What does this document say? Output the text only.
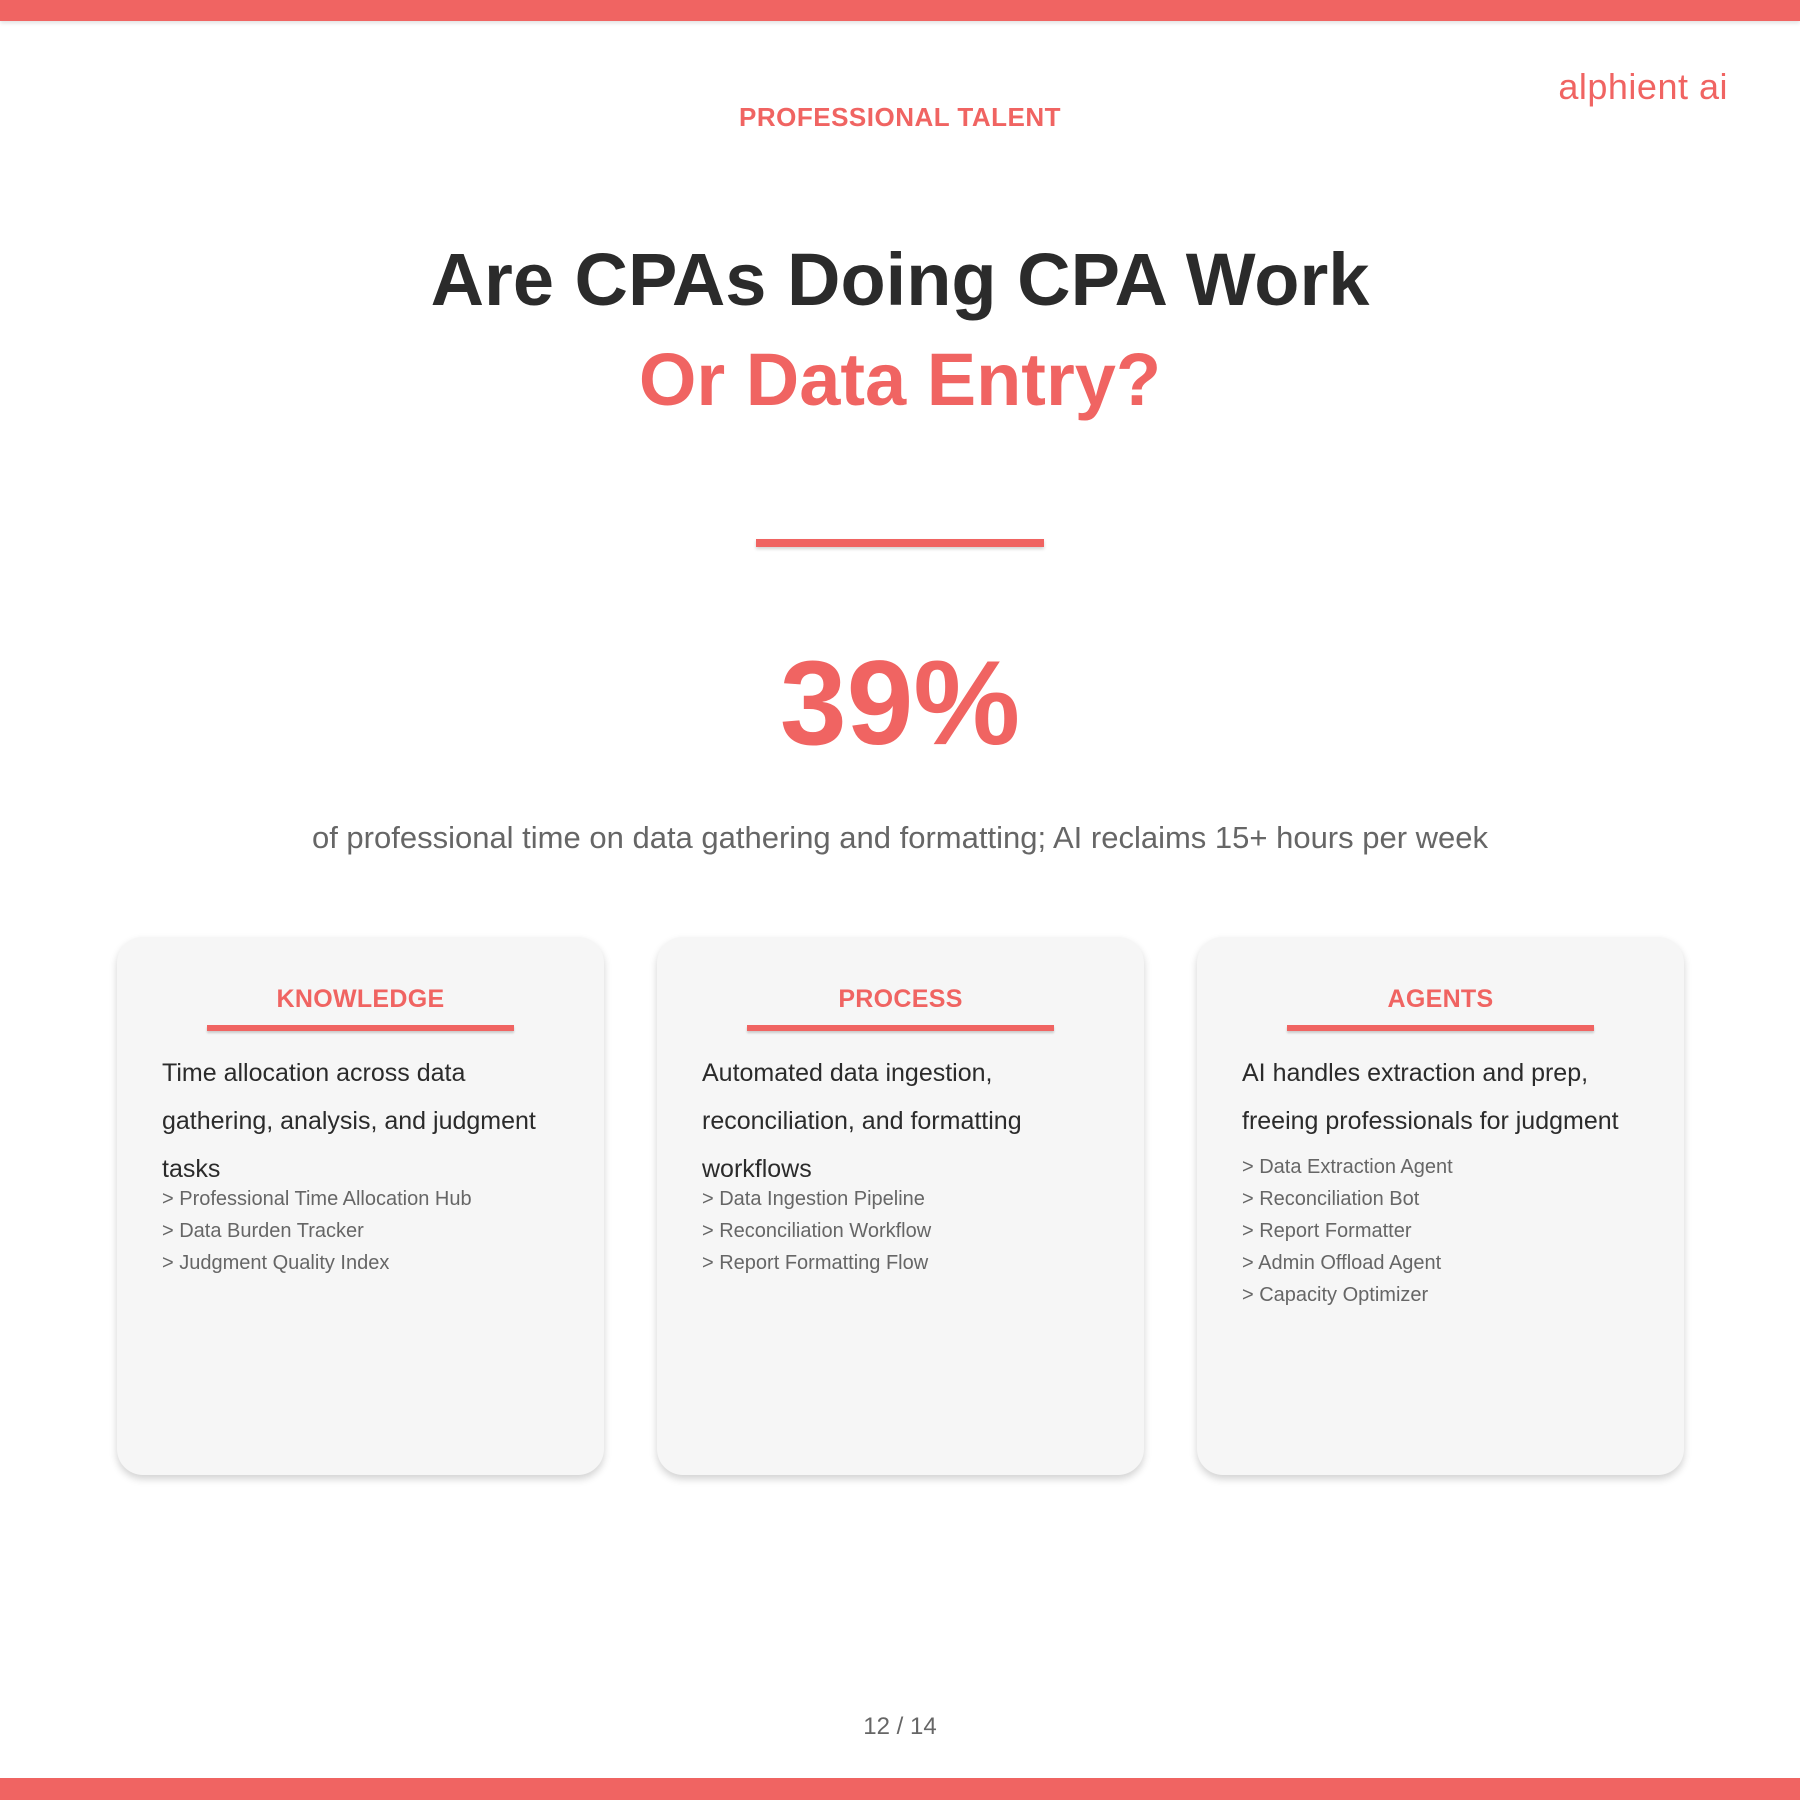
alphient ai
PROFESSIONAL TALENT
Are CPAs Doing CPA Work
Or Data Entry?
39%
of professional time on data gathering and formatting; AI reclaims 15+ hours per week
KNOWLEDGE
Time allocation across data gathering, analysis, and judgment tasks
> Professional Time Allocation Hub
> Data Burden Tracker
> Judgment Quality Index
PROCESS
Automated data ingestion, reconciliation, and formatting workflows
> Data Ingestion Pipeline
> Reconciliation Workflow
> Report Formatting Flow
AGENTS
AI handles extraction and prep, freeing professionals for judgment
> Data Extraction Agent
> Reconciliation Bot
> Report Formatter
> Admin Offload Agent
> Capacity Optimizer
12 / 14
